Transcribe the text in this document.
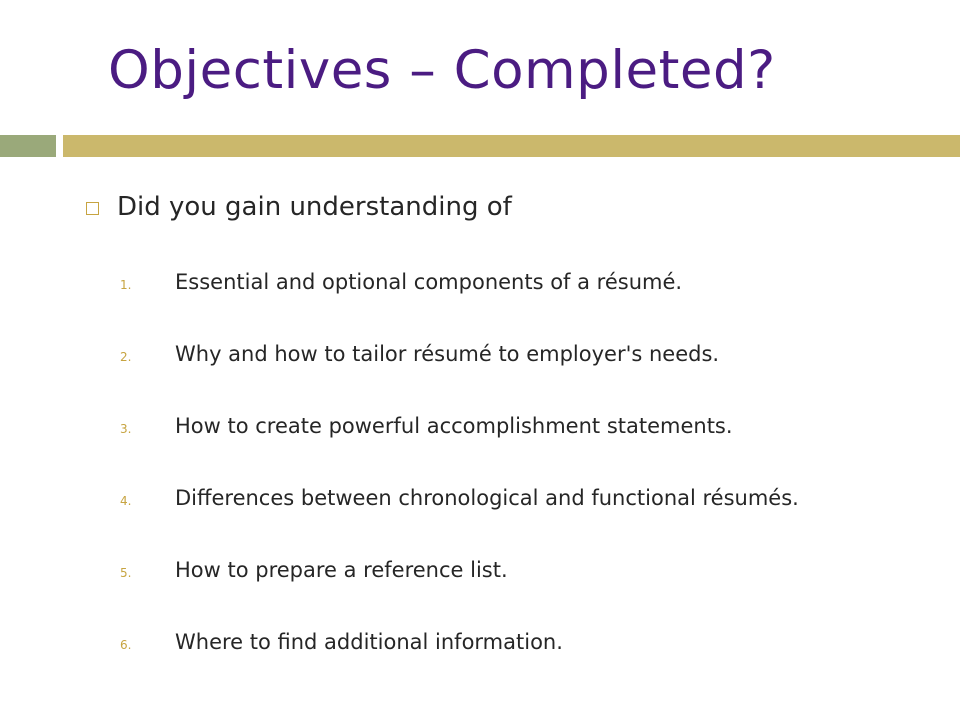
Objectives – Completed?
Did you gain understanding of
1.	Essential and optional components of a résumé.
2.	Why and how to tailor résumé to employer's needs.
3.	How to create powerful accomplishment statements.
4.	Differences between chronological and functional résumés.
5.	How to prepare a reference list.
6.	Where to find additional information.
